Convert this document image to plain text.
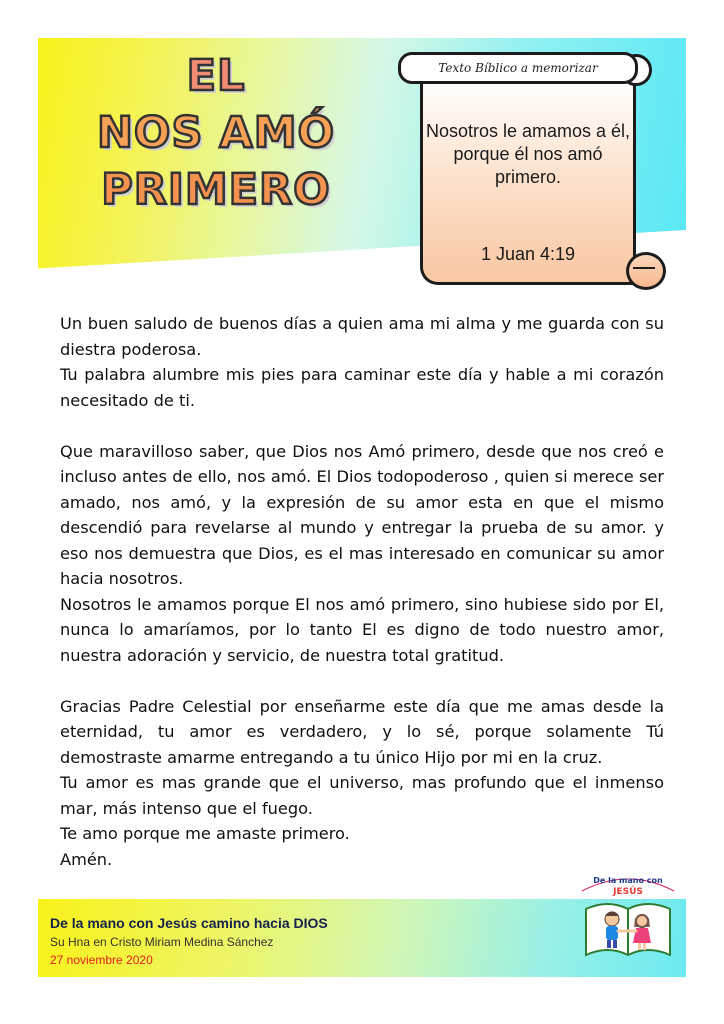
EL
NOS AMÓ
PRIMERO
Nosotros le amamos a él, porque él nos amó primero.
1 Juan 4:19
Texto Bíblico a memorizar

Un buen saludo de buenos días a quien ama mi alma y me guarda con su diestra poderosa.

Tu palabra alumbre mis pies para caminar este día y hable a mi corazón necesitado de ti.

Que maravilloso saber, que Dios nos Amó primero, desde que nos creó e incluso antes de ello, nos amó. El Dios todopoderoso , quien si merece ser amado, nos amó, y la expresión de su amor esta en que el mismo descendió para revelarse al mundo y entregar la prueba de su amor. y eso nos demuestra que Dios, es el mas interesado en comunicar su amor hacia nosotros.

Nosotros le amamos porque El nos amó primero, sino hubiese sido por El, nunca lo amaríamos, por lo tanto El es digno de todo nuestro amor, nuestra adoración y servicio, de nuestra total gratitud.

Gracias Padre Celestial por enseñarme este día que me amas desde la eternidad, tu amor es verdadero, y lo sé, porque solamente Tú demostraste amarme entregando a tu único Hijo por mi en la cruz.

Tu amor es mas grande que el universo, mas profundo que el inmenso mar, más intenso que el fuego.

Te amo porque me amaste primero.

Amén.

De la mano con Jesús camino hacia DIOS
Su Hna en Cristo Miriam Medina Sánchez
27 noviembre 2020
De la mano con
JESÚS
